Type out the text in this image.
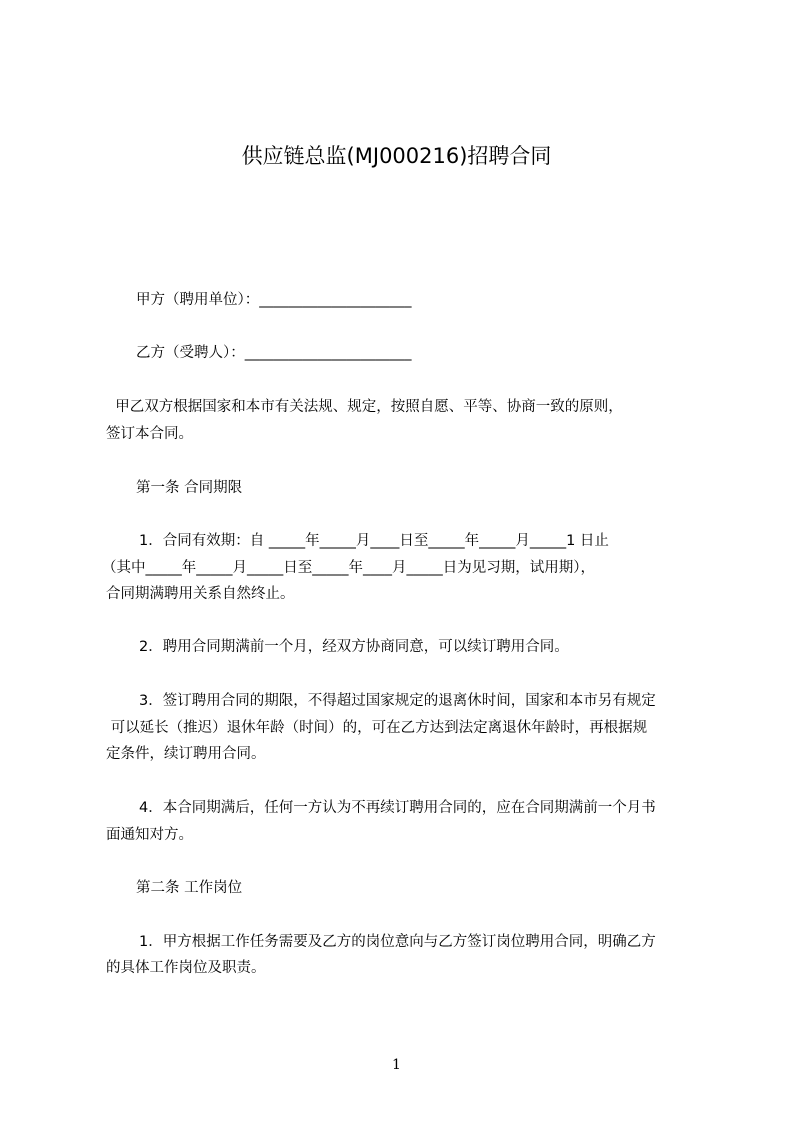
供应链总监(MJ000216)招聘合同

甲方（聘用单位）：_____________________

乙方（受聘人）：_______________________

甲乙双方根据国家和本市有关法规、规定，按照自愿、平等、协商一致的原则，

签订本合同。

第一条 合同期限

1．合同有效期：自 _____年_____月____日至_____年_____月_____1 日止

（其中_____年_____月_____日至_____年____月_____日为见习期，试用期），

合同期满聘用关系自然终止。

2．聘用合同期满前一个月，经双方协商同意，可以续订聘用合同。

3．签订聘用合同的期限，不得超过国家规定的退离休时间，国家和本市另有规定

可以延长（推迟）退休年龄（时间）的，可在乙方达到法定离退休年龄时，再根据规

定条件，续订聘用合同。

4．本合同期满后，任何一方认为不再续订聘用合同的，应在合同期满前一个月书

面通知对方。

第二条 工作岗位

1．甲方根据工作任务需要及乙方的岗位意向与乙方签订岗位聘用合同，明确乙方

的具体工作岗位及职责。

1
